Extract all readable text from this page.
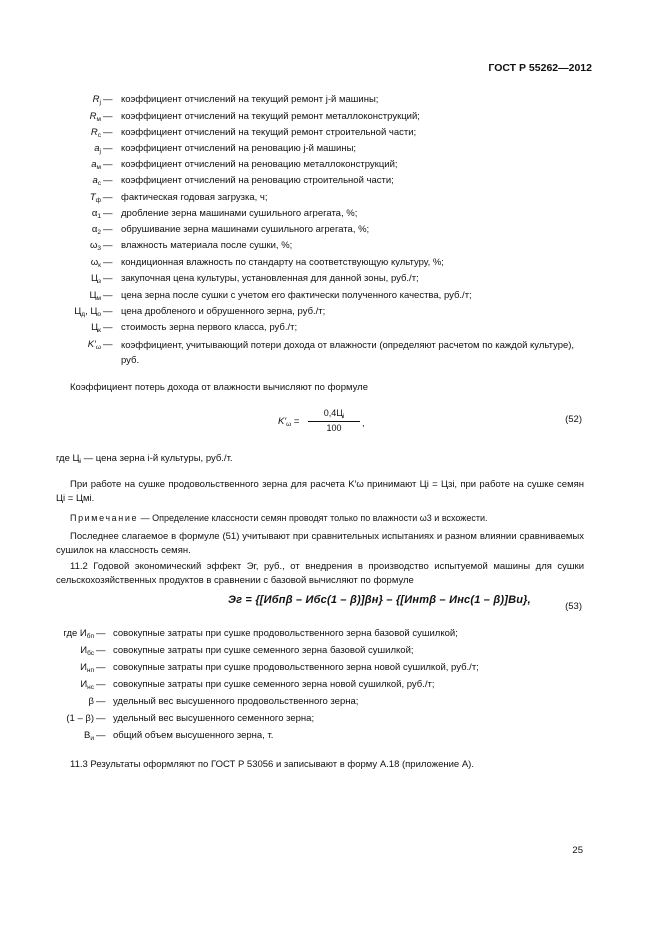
ГОСТ Р 55262—2012
$R_j$ — коэффициент отчислений на текущий ремонт j-й машины;
$R_м$ — коэффициент отчислений на текущий ремонт металлоконструкций;
$R_с$ — коэффициент отчислений на текущий ремонт строительной части;
$a_j$ — коэффициент отчислений на реновацию j-й машины;
$a_м$ — коэффициент отчислений на реновацию металлоконструкций;
$a_с$ — коэффициент отчислений на реновацию строительной части;
$T_ф$ — фактическая годовая загрузка, ч;
$\alpha_1$ — дробление зерна машинами сушильного агрегата, %;
$\alpha_2$ — обрушивание зерна машинами сушильного агрегата, %;
$\omega_3$ — влажность материала после сушки, %;
$\omega_к$ — кондиционная влажность по стандарту на соответствующую культуру, %;
$Ц_з$ — закупочная цена культуры, установленная для данной зоны, руб./т;
$Ц_м$ — цена зерна после сушки с учетом его фактически полученного качества, руб./т;
$Ц_д$, $Ц_о$ — цена дробленого и обрушенного зерна, руб./т;
$Ц_к$ — стоимость зерна первого класса, руб./т;
$K'_\omega$ — коэффициент, учитывающий потери дохода от влажности (определяют расчетом по каждой культуре), руб.
Коэффициент потерь дохода от влажности вычисляют по формуле
$K'_\omega$ =
$0,4Ц_i$
100	,	(52)
где $Ц_i$ — цена зерна i-й культуры, руб./т.
При работе на сушке продовольственного зерна для расчета K′ω принимают Цi = Цзi, при работе на сушке семян Цi = Цмi.
Примечание — Определение классности семян проводят только по влажности ω3 и всхожести.
Последнее слагаемое в формуле (51) учитывают при сравнительных испытаниях и разном влиянии сравниваемых сушилок на классность семян.
11.2 Годовой экономический эффект Эг, руб., от внедрения в производство испытуемой машины для сушки сельскохозяйственных продуктов в сравнении с базовой вычисляют по формуле
Эг = {[Ибпβ – Ибс(1 – β)]βн} – {[Интβ – Инс(1 – β)]Ви},
(53)
где $И_{бп}$ — совокупные затраты при сушке продовольственного зерна базовой сушилкой;
$И_{бс}$ — совокупные затраты при сушке семенного зерна базовой сушилкой;
$И_{нп}$ — совокупные затраты при сушке продовольственного зерна новой сушилкой, руб./т;
$И_{нс}$ — совокупные затраты при сушке семенного зерна новой сушилкой, руб./т;
β — удельный вес высушенного продовольственного зерна;
(1 – β) — удельный вес высушенного семенного зерна;
$В_и$ — общий объем высушенного зерна, т.
11.3 Результаты оформляют по ГОСТ Р 53056 и записывают в форму А.18 (приложение А).
25
